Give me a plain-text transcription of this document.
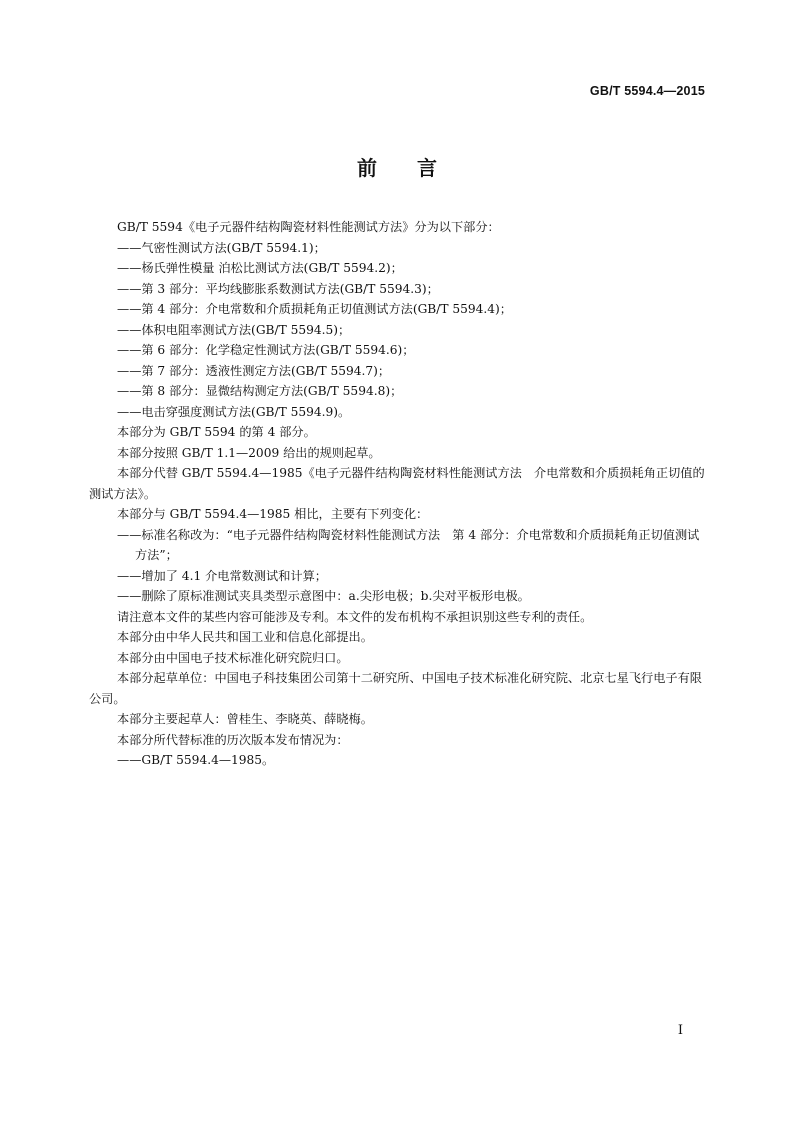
GB/T 5594.4—2015
前言
GB/T 5594《电子元器件结构陶瓷材料性能测试方法》分为以下部分：
——气密性测试方法(GB/T 5594.1)；
——杨氏弹性模量 泊松比测试方法(GB/T 5594.2)；
——第 3 部分：平均线膨胀系数测试方法(GB/T 5594.3)；
——第 4 部分：介电常数和介质损耗角正切值测试方法(GB/T 5594.4)；
——体积电阻率测试方法(GB/T 5594.5)；
——第 6 部分：化学稳定性测试方法(GB/T 5594.6)；
——第 7 部分：透液性测定方法(GB/T 5594.7)；
——第 8 部分：显微结构测定方法(GB/T 5594.8)；
——电击穿强度测试方法(GB/T 5594.9)。
本部分为 GB/T 5594 的第 4 部分。
本部分按照 GB/T 1.1—2009 给出的规则起草。
本部分代替 GB/T 5594.4—1985《电子元器件结构陶瓷材料性能测试方法　介电常数和介质损耗角正切值的测试方法》。
本部分与 GB/T 5594.4—1985 相比，主要有下列变化：
——标准名称改为：“电子元器件结构陶瓷材料性能测试方法　第 4 部分：介电常数和介质损耗角正切值测试方法”；
——增加了 4.1 介电常数测试和计算；
——删除了原标准测试夹具类型示意图中：a.尖形电极；b.尖对平板形电极。
请注意本文件的某些内容可能涉及专利。本文件的发布机构不承担识别这些专利的责任。
本部分由中华人民共和国工业和信息化部提出。
本部分由中国电子技术标准化研究院归口。
本部分起草单位：中国电子科技集团公司第十二研究所、中国电子技术标准化研究院、北京七星飞行电子有限公司。
本部分主要起草人：曾桂生、李晓英、薛晓梅。
本部分所代替标准的历次版本发布情况为：
——GB/T 5594.4—1985。
I
